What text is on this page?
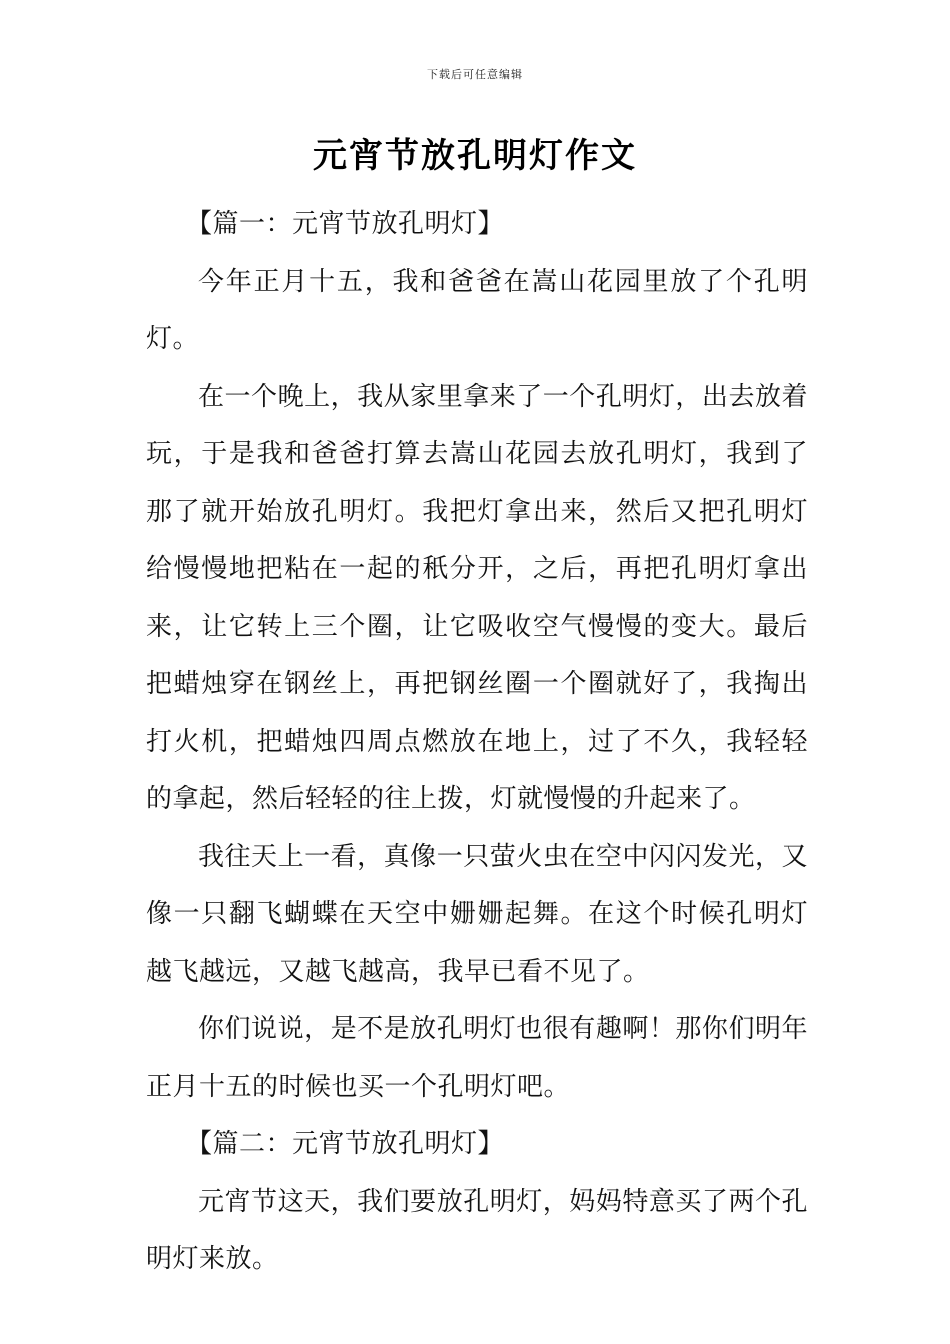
下载后可任意编辑
元宵节放孔明灯作文

【篇一：元宵节放孔明灯】

今年正月十五，我和爸爸在嵩山花园里放了个孔明灯。

在一个晚上，我从家里拿来了一个孔明灯，出去放着玩，于是我和爸爸打算去嵩山花园去放孔明灯，我到了那了就开始放孔明灯。我把灯拿出来，然后又把孔明灯给慢慢地把粘在一起的秖分开，之后，再把孔明灯拿出来，让它转上三个圈，让它吸收空气慢慢的变大。最后把蜡烛穿在钢丝上，再把钢丝圈一个圈就好了，我掏出打火机，把蜡烛四周点燃放在地上，过了不久，我轻轻的拿起，然后轻轻的往上拨，灯就慢慢的升起来了。

我往天上一看，真像一只萤火虫在空中闪闪发光，又像一只翻飞蝴蝶在天空中姗姗起舞。在这个时候孔明灯越飞越远，又越飞越高，我早已看不见了。

你们说说，是不是放孔明灯也很有趣啊！那你们明年正月十五的时候也买一个孔明灯吧。

【篇二：元宵节放孔明灯】

元宵节这天，我们要放孔明灯，妈妈特意买了两个孔明灯来放。
